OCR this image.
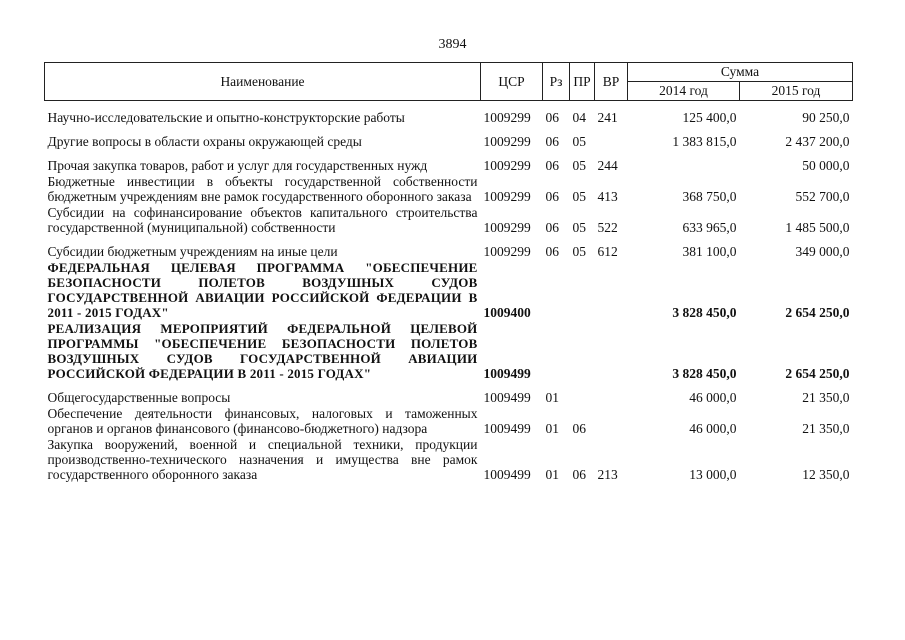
3894
Наименование	ЦСР	Рз	ПР	ВР	Сумма	
					2014 год	2015 год
Научно-исследовательские и опытно-конструкторские работы	1009299	06	04	241	125 400,0	90 250,0
Другие вопросы в области охраны окружающей среды	1009299	06	05		1 383 815,0	2 437 200,0
Прочая закупка товаров, работ и услуг для государственных нужд	1009299	06	05	244		50 000,0
Бюджетные инвестиции в объекты государственной собственности бюджетным учреждениям вне рамок государственного оборонного заказа	1009299	06	05	413	368 750,0	552 700,0
Субсидии на софинансирование объектов капитального строительства государственной (муниципальной) собственности	1009299	06	05	522	633 965,0	1 485 500,0
Субсидии бюджетным учреждениям на иные цели	1009299	06	05	612	381 100,0	349 000,0
ФЕДЕРАЛЬНАЯ ЦЕЛЕВАЯ ПРОГРАММА "ОБЕСПЕЧЕНИЕ БЕЗОПАСНОСТИ ПОЛЕТОВ ВОЗДУШНЫХ СУДОВ ГОСУДАРСТВЕННОЙ АВИАЦИИ РОССИЙСКОЙ ФЕДЕРАЦИИ В 2011 - 2015 ГОДАХ"	1009400				3 828 450,0	2 654 250,0
РЕАЛИЗАЦИЯ МЕРОПРИЯТИЙ ФЕДЕРАЛЬНОЙ ЦЕЛЕВОЙ ПРОГРАММЫ "ОБЕСПЕЧЕНИЕ БЕЗОПАСНОСТИ ПОЛЕТОВ ВОЗДУШНЫХ СУДОВ ГОСУДАРСТВЕННОЙ АВИАЦИИ РОССИЙСКОЙ ФЕДЕРАЦИИ В 2011 - 2015 ГОДАХ"	1009499				3 828 450,0	2 654 250,0
Общегосударственные вопросы	1009499	01			46 000,0	21 350,0
Обеспечение деятельности финансовых, налоговых и таможенных органов и органов финансового (финансово-бюджетного) надзора	1009499	01	06		46 000,0	21 350,0
Закупка вооружений, военной и специальной техники, продукции производственно-технического назначения и имущества вне рамок государственного оборонного заказа	1009499	01	06	213	13 000,0	12 350,0
